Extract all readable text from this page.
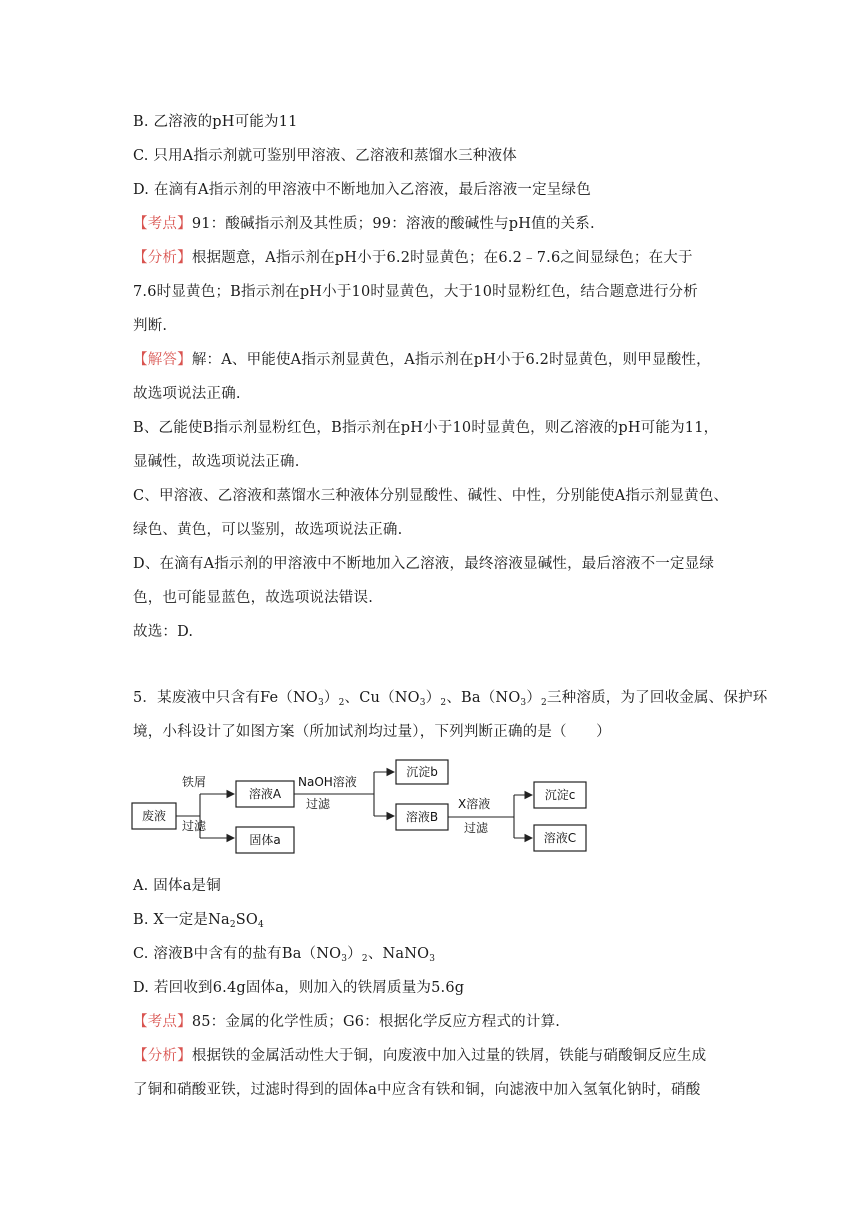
B. 乙溶液的pH可能为11
C. 只用A指示剂就可鉴别甲溶液、乙溶液和蒸馏水三种液体
D. 在滴有A指示剂的甲溶液中不断地加入乙溶液，最后溶液一定呈绿色
【考点】91：酸碱指示剂及其性质；99：溶液的酸碱性与pH值的关系.
【分析】根据题意，A指示剂在pH小于6.2时显黄色；在6.2﹣7.6之间显绿色；在大于
7.6时显黄色；B指示剂在pH小于10时显黄色，大于10时显粉红色，结合题意进行分析
判断.
【解答】解：A、甲能使A指示剂显黄色，A指示剂在pH小于6.2时显黄色，则甲显酸性，
故选项说法正确.
B、乙能使B指示剂显粉红色，B指示剂在pH小于10时显黄色，则乙溶液的pH可能为11，
显碱性，故选项说法正确.
C、甲溶液、乙溶液和蒸馏水三种液体分别显酸性、碱性、中性，分别能使A指示剂显黄色、
绿色、黄色，可以鉴别，故选项说法正确.
D、在滴有A指示剂的甲溶液中不断地加入乙溶液，最终溶液显碱性，最后溶液不一定显绿
色，也可能显蓝色，故选项说法错误.
故选：D.
5．某废液中只含有$Fe(NO_3)_2$、$Cu(NO_3)_2$、$Ba(NO_3)_2$三种溶质，为了回收金属、保护环
境，小科设计了如图方案（所加试剂均过量），下列判断正确的是（　　）
废液
铁屑
过滤
溶液A
固体a
NaOH溶液
过滤
沉淀b
溶液B
X溶液
过滤
沉淀c
溶液C
A. 固体a是铜
B. X一定是$Na_2SO_4$
C. 溶液B中含有的盐有$Ba(NO_3)_2$、NaNO$_3$
D. 若回收到6.4g固体a，则加入的铁屑质量为5.6g
【考点】85：金属的化学性质；G6：根据化学反应方程式的计算.
【分析】根据铁的金属活动性大于铜，向废液中加入过量的铁屑，铁能与硝酸铜反应生成
了铜和硝酸亚铁，过滤时得到的固体a中应含有铁和铜，向滤液中加入氢氧化钠时，硝酸
